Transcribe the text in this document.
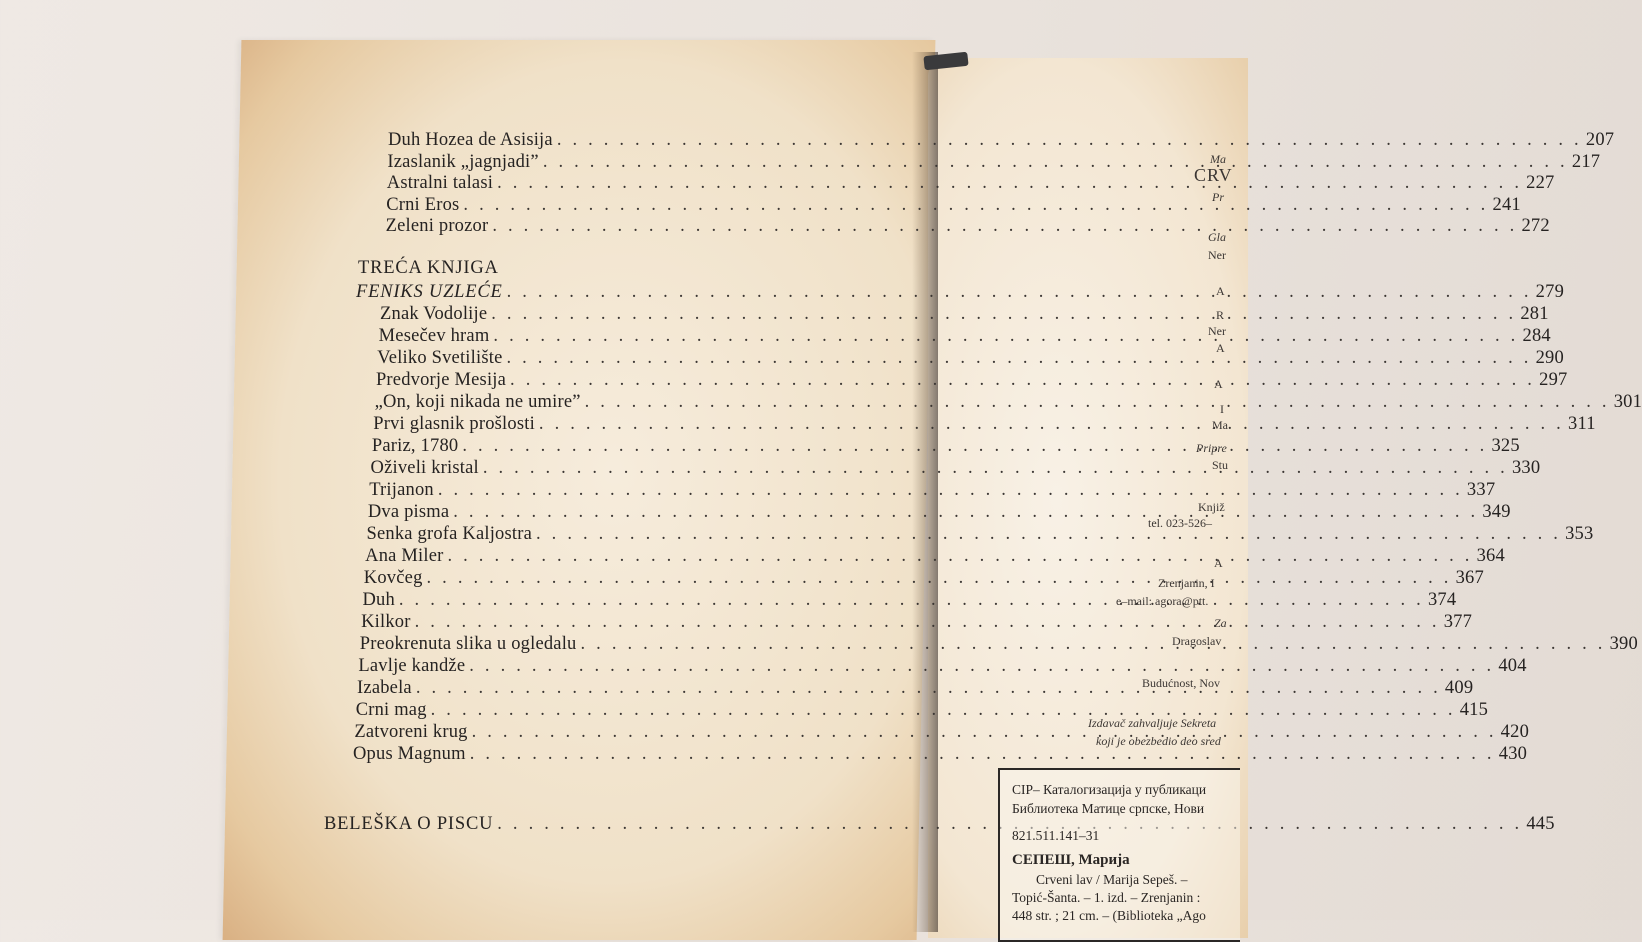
Duh Hozea de Asisija . . .	207
Izaslanik „jagnjadi” . . .	217
Astralni talasi . . .	227
Crni Eros . . .	241
Zeleni prozor . . .	272
TREĆA KNJIGA
FENIKS UZLEĆE . . .	279
Znak Vodolije . . .	281
Mesečev hram . . .	284
Veliko Svetilište . . .	290
Predvorje Mesija . . .	297
„On, koji nikada ne umire” . . .	301
Prvi glasnik prošlosti . . .	311
Pariz, 1780 . . .	325
Oživeli kristal . . .	330
Trijanon . . .	337
Dva pisma . . .	349
Senka grofa Kaljostra . . .	353
Ana Miler . . .	364
Kovčeg . . .	367
Duh . . .	374
Kilkor . . .	377
Preokrenuta slika u ogledalu . . .	390
Lavlje kandže . . .	404
Izabela . . .	409
Crni mag . . .	415
Zatvoreni krug . . .	420
Opus Magnum . . .	430
BELEŠKA O PISCU . . .	445
Ma
CRV
Pr
Gla
Ner
A
R
Ner
A
A
I
Ma
Pripre
Stu
Knjiž
tel. 023-526–
A
Zrenjanin, I
e–mail: agora@ptt.
Za
Dragoslav
Budućnost, Nov
Izdavač zahvaljuje Sekreta
koji je obezbedio deo sred
CIP– Каталогизација у публикаци
Библиотека Матице српске, Нови
821.511.141–31
СЕПЕШ, Марија
Crveni lav / Marija Sepeš. –
Topić-Šanta. – 1. izd. – Zrenjanin :
448 str. ; 21 cm. – (Biblioteka „Ago
